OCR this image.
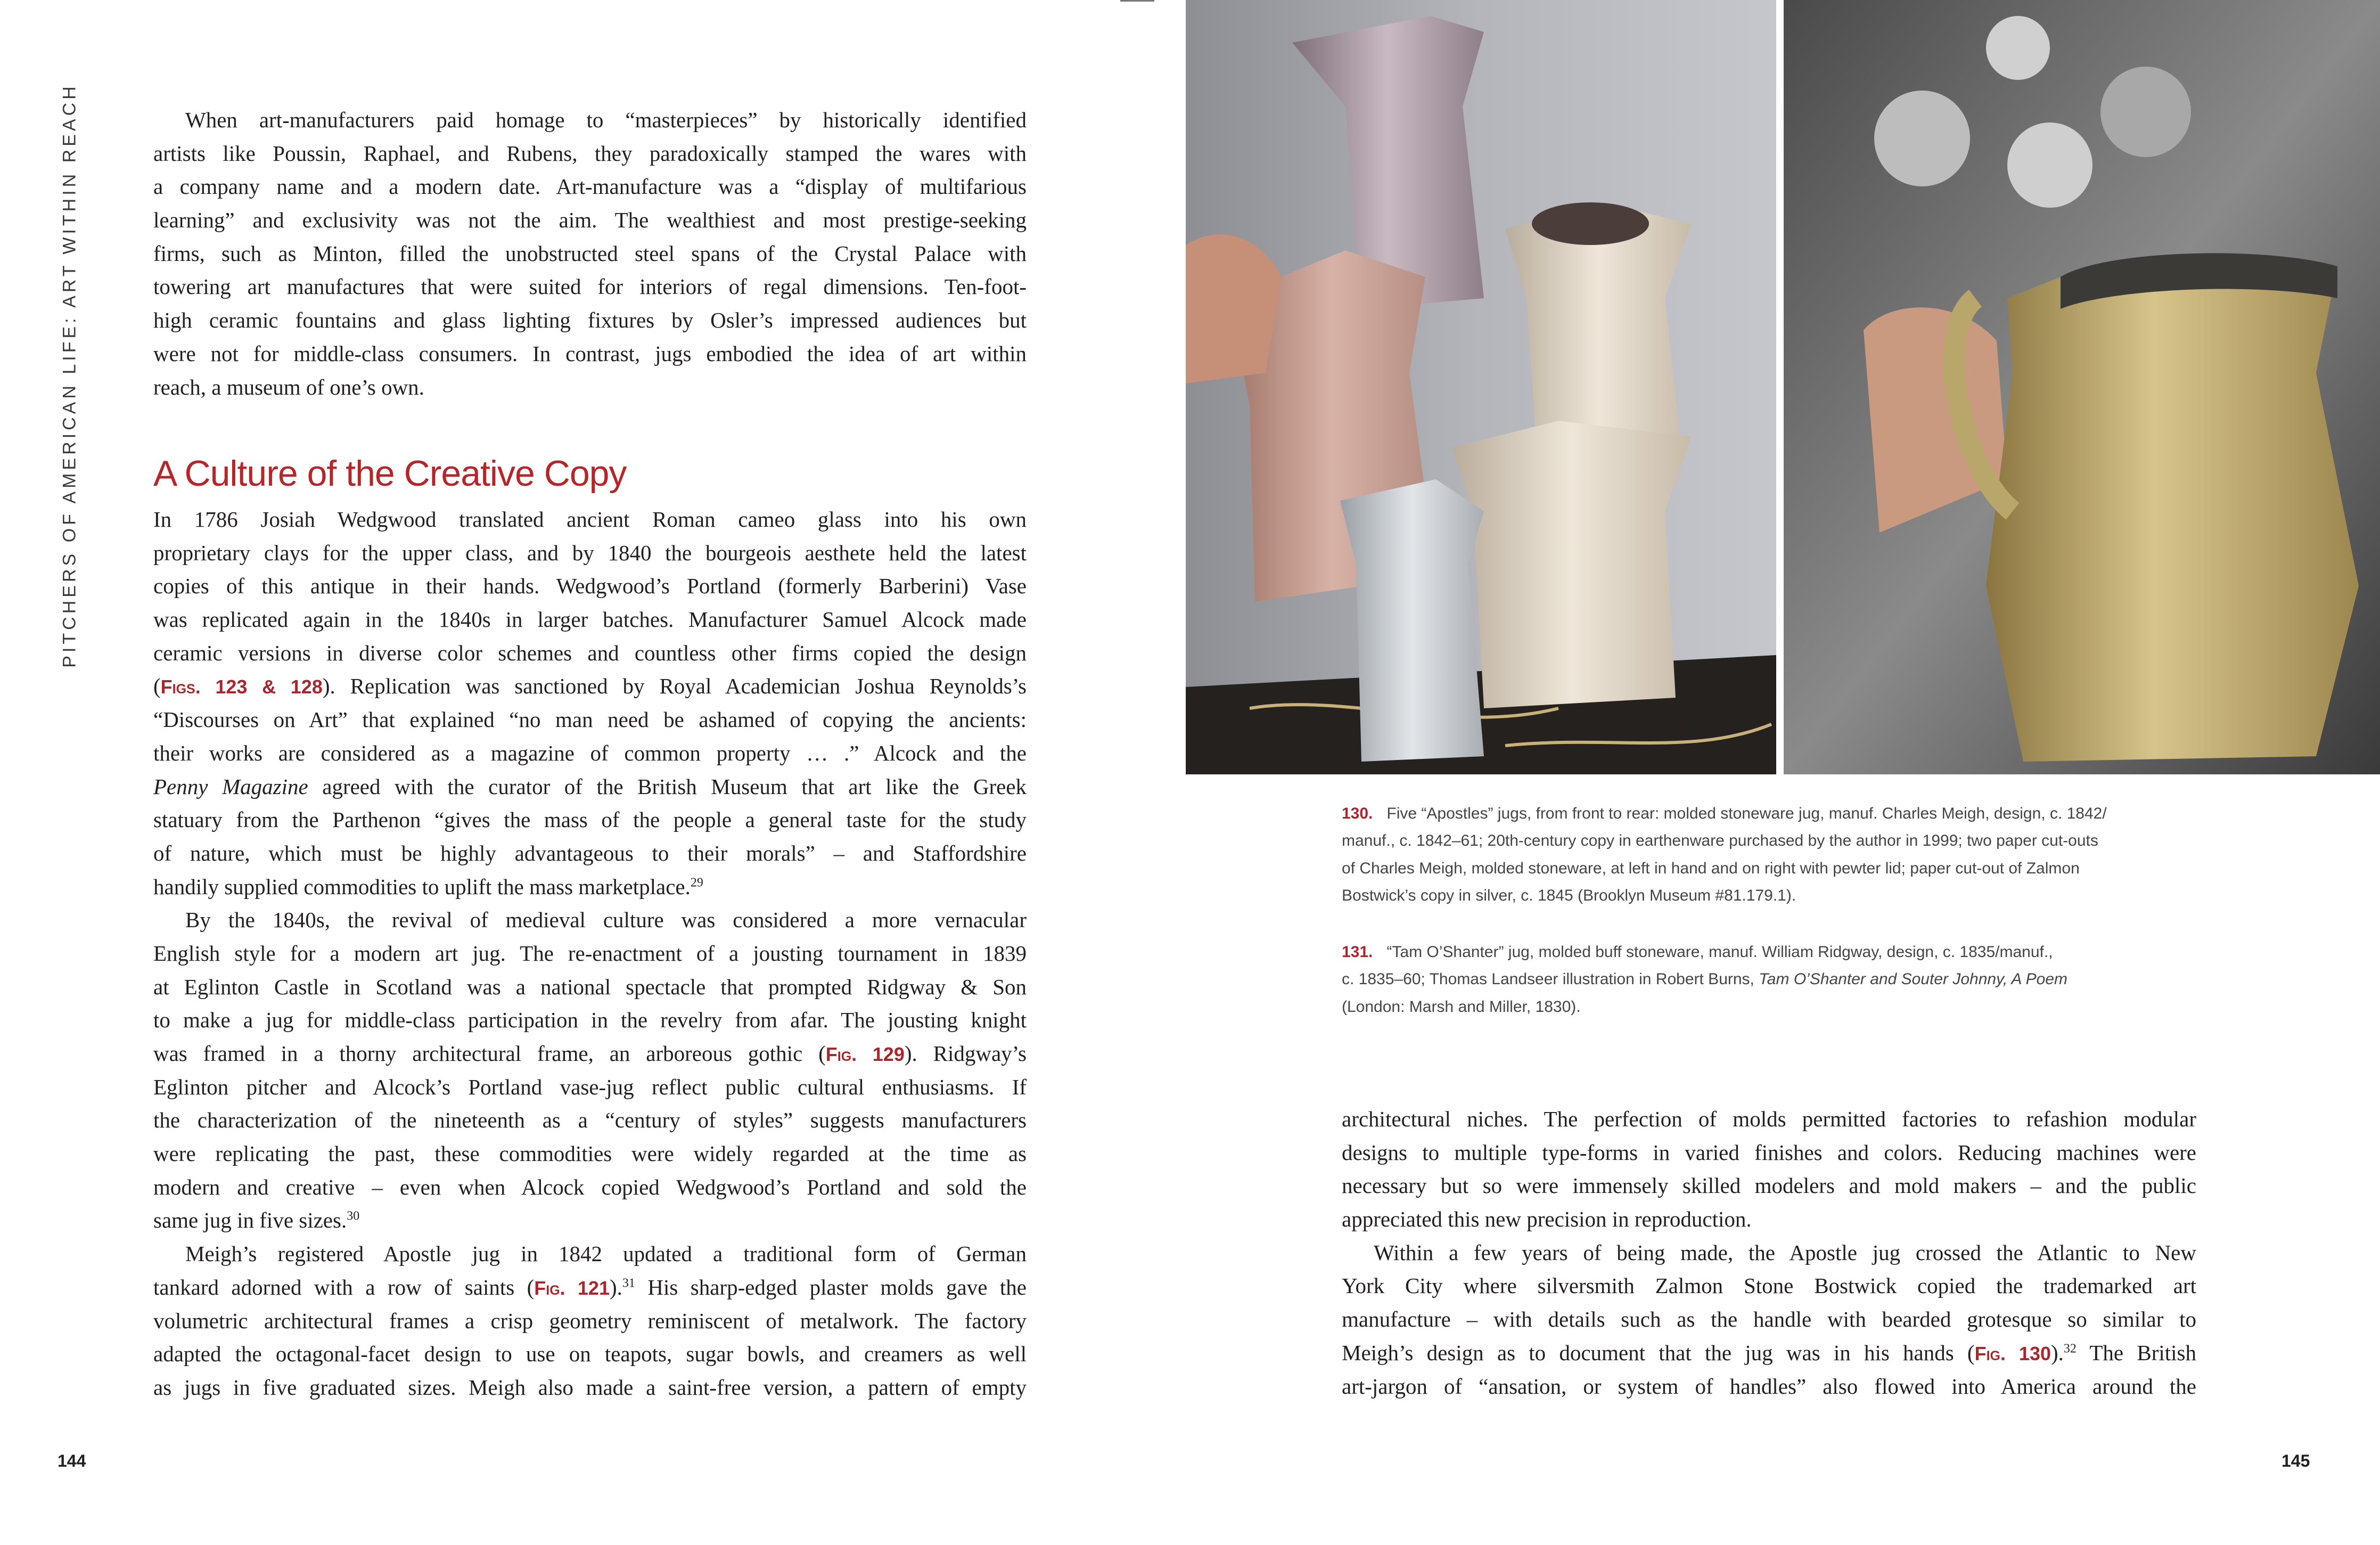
PITCHERS OF AMERICAN LIFE: ART WITHIN REACH	When art-manufacturers paid homage to “masterpieces” by historically identified
artists like Poussin, Raphael, and Rubens, they paradoxically stamped the wares with
a company name and a modern date. Art-manufacture was a “display of multifarious
learning” and exclusivity was not the aim. The wealthiest and most prestige-seeking
firms, such as Minton, filled the unobstructed steel spans of the Crystal Palace with
towering art manufactures that were suited for interiors of regal dimensions. Ten-foot-
high ceramic fountains and glass lighting fixtures by Osler’s impressed audiences but
were not for middle-class consumers. In contrast, jugs embodied the idea of art within
reach, a museum of one’s own.
A Culture of the Creative Copy
In 1786 Josiah Wedgwood translated ancient Roman cameo glass into his own
proprietary clays for the upper class, and by 1840 the bourgeois aesthete held the latest
copies of this antique in their hands. Wedgwood’s Portland (formerly Barberini) Vase
was replicated again in the 1840s in larger batches. Manufacturer Samuel Alcock made
ceramic versions in diverse color schemes and countless other firms copied the design
(Figs. 123 & 128). Replication was sanctioned by Royal Academician Joshua Reynolds’s
“Discourses on Art” that explained “no man need be ashamed of copying the ancients:
their works are considered as a magazine of common property … .” Alcock and the
Penny Magazine agreed with the curator of the British Museum that art like the Greek
statuary from the Parthenon “gives the mass of the people a general taste for the study
of nature, which must be highly advantageous to their morals” – and Staffordshire
handily supplied commodities to uplift the mass marketplace.$^{29}$
By the 1840s, the revival of medieval culture was considered a more vernacular
English style for a modern art jug. The re-enactment of a jousting tournament in 1839
at Eglinton Castle in Scotland was a national spectacle that prompted Ridgway & Son
to make a jug for middle-class participation in the revelry from afar. The jousting knight
was framed in a thorny architectural frame, an arboreous gothic (Fig. 129). Ridgway’s
Eglinton pitcher and Alcock’s Portland vase-jug reflect public cultural enthusiasms. If
the characterization of the nineteenth as a “century of styles” suggests manufacturers
were replicating the past, these commodities were widely regarded at the time as
modern and creative – even when Alcock copied Wedgwood’s Portland and sold the
same jug in five sizes.$^{30}$
Meigh’s registered Apostle jug in 1842 updated a traditional form of German
tankard adorned with a row of saints (Fig. 121).$^{31}$ His sharp-edged plaster molds gave the
volumetric architectural frames a crisp geometry reminiscent of metalwork. The factory
adapted the octagonal-facet design to use on teapots, sugar bowls, and creamers as well
as jugs in five graduated sizes. Meigh also made a saint-free version, a pattern of empty
144	145
130. Five “Apostles” jugs, from front to rear: molded stoneware jug, manuf. Charles Meigh, design, c. 1842/
manuf., c. 1842–61; 20th-century copy in earthenware purchased by the author in 1999; two paper cut-outs
of Charles Meigh, molded stoneware, at left in hand and on right with pewter lid; paper cut-out of Zalmon
Bostwick’s copy in silver, c. 1845 (Brooklyn Museum #81.179.1).
131. “Tam O’Shanter” jug, molded buff stoneware, manuf. William Ridgway, design, c. 1835/manuf.,
c. 1835–60; Thomas Landseer illustration in Robert Burns, Tam O’Shanter and Souter Johnny, A Poem
(London: Marsh and Miller, 1830).
architectural niches. The perfection of molds permitted factories to refashion modular
designs to multiple type-forms in varied finishes and colors. Reducing machines were
necessary but so were immensely skilled modelers and mold makers – and the public
appreciated this new precision in reproduction.
Within a few years of being made, the Apostle jug crossed the Atlantic to New
York City where silversmith Zalmon Stone Bostwick copied the trademarked art
manufacture – with details such as the handle with bearded grotesque so similar to
Meigh’s design as to document that the jug was in his hands (Fig. 130).$^{32}$ The British
art-jargon of “ansation, or system of handles” also flowed into America around the
